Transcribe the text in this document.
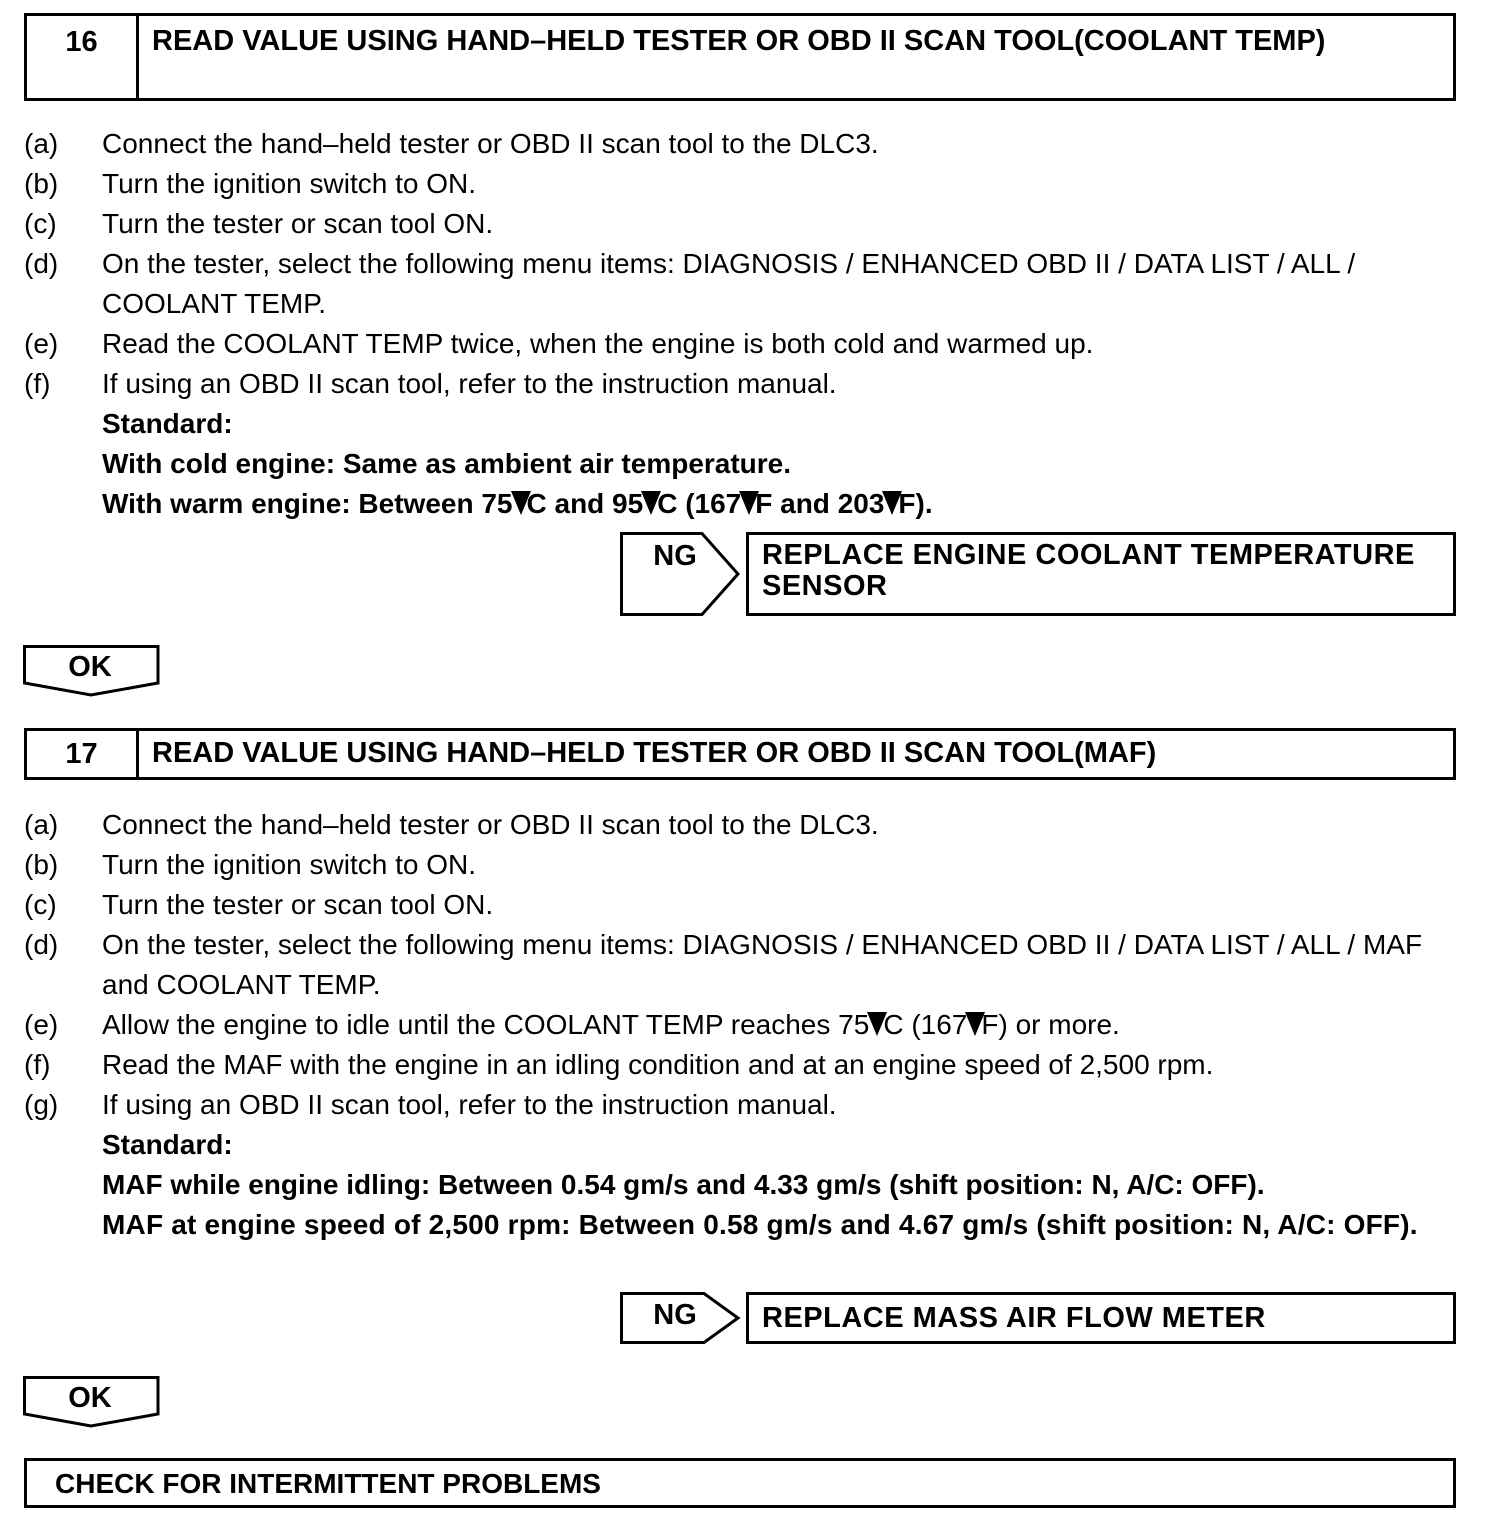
16	READ VALUE USING HAND–HELD TESTER OR OBD II SCAN TOOL(COOLANT TEMP)
(a)	Connect the hand–held tester or OBD II scan tool to the DLC3.
(b)	Turn the ignition switch to ON.
(c)	Turn the tester or scan tool ON.
(d)	On the tester, select the following menu items: DIAGNOSIS / ENHANCED OBD II / DATA LIST / ALL / COOLANT TEMP.
(e)	Read the COOLANT TEMP twice, when the engine is both cold and warmed up.
(f)	If using an OBD II scan tool, refer to the instruction manual.
Standard:
With cold engine: Same as ambient air temperature.
With warm engine: Between 75 C and 95 C (167 F and 203 F).
NG	REPLACE ENGINE COOLANT TEMPERATURE SENSOR
OK
17	READ VALUE USING HAND–HELD TESTER OR OBD II SCAN TOOL(MAF)
(a)	Connect the hand–held tester or OBD II scan tool to the DLC3.
(b)	Turn the ignition switch to ON.
(c)	Turn the tester or scan tool ON.
(d)	On the tester, select the following menu items: DIAGNOSIS / ENHANCED OBD II / DATA LIST / ALL / MAF and COOLANT TEMP.
(e)	Allow the engine to idle until the COOLANT TEMP reaches 75 C (167 F) or more.
(f)	Read the MAF with the engine in an idling condition and at an engine speed of 2,500 rpm.
(g)	If using an OBD II scan tool, refer to the instruction manual.
Standard:
MAF while engine idling: Between 0.54 gm/s and 4.33 gm/s (shift position: N, A/C: OFF).
MAF at engine speed of 2,500 rpm: Between 0.58 gm/s and 4.67 gm/s (shift position: N, A/C: OFF).
NG	REPLACE MASS AIR FLOW METER
OK
CHECK FOR INTERMITTENT PROBLEMS
